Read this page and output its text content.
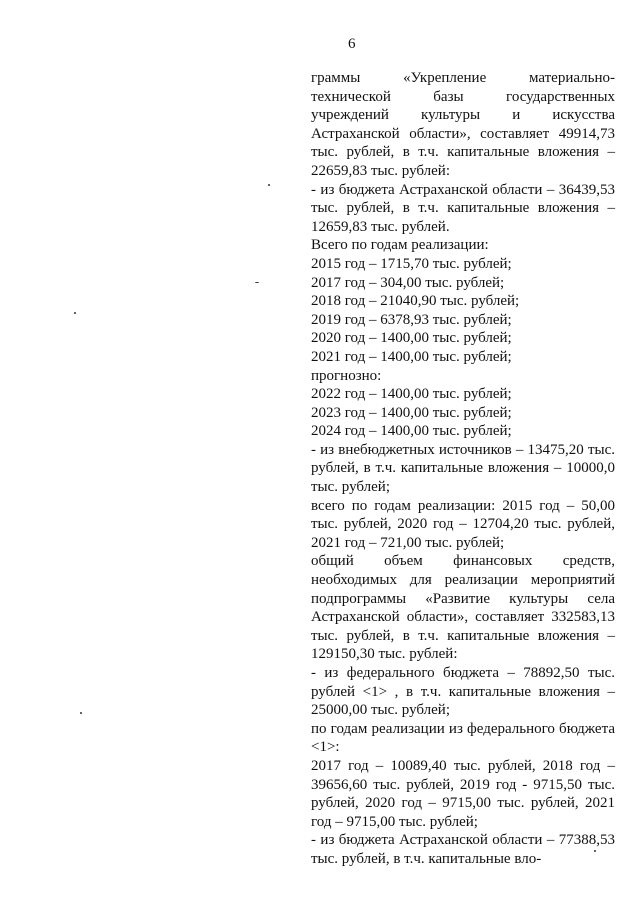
6

граммы «Укрепление материально-технической базы государственных учреждений культуры и искусства Астраханской области», составляет 49914,73 тыс. рублей, в т.ч. капитальные вложения – 22659,83 тыс. рублей:

- из бюджета Астраханской области – 36439,53 тыс. рублей, в т.ч. капитальные вложения – 12659,83 тыс. рублей.

Всего по годам реализации:

2015 год – 1715,70 тыс. рублей;

2017 год – 304,00 тыс. рублей;

2018 год – 21040,90 тыс. рублей;

2019 год – 6378,93 тыс. рублей;

2020 год – 1400,00 тыс. рублей;

2021 год – 1400,00 тыс. рублей;

прогнозно:

2022 год – 1400,00 тыс. рублей;

2023 год – 1400,00 тыс. рублей;

2024 год – 1400,00 тыс. рублей;

- из внебюджетных источников – 13475,20 тыс. рублей, в т.ч. капитальные вложения – 10000,0 тыс. рублей;

всего по годам реализации: 2015 год – 50,00 тыс. рублей, 2020 год – 12704,20 тыс. рублей, 2021 год – 721,00 тыс. рублей;

общий объем финансовых средств, необходимых для реализации мероприятий подпрограммы «Развитие культуры села Астраханской области», составляет 332583,13 тыс. рублей, в т.ч. капитальные вложения – 129150,30 тыс. рублей:

- из федерального бюджета – 78892,50 тыс. рублей <1> , в т.ч. капитальные вложения – 25000,00 тыс. рублей;

по годам реализации из федерального бюджета <1>:

2017 год – 10089,40 тыс. рублей, 2018 год – 39656,60 тыс. рублей, 2019 год - 9715,50 тыс. рублей, 2020 год – 9715,00 тыс. рублей, 2021 год – 9715,00 тыс. рублей;

- из бюджета Астраханской области – 77388,53 тыс. рублей, в т.ч. капитальные вло-
